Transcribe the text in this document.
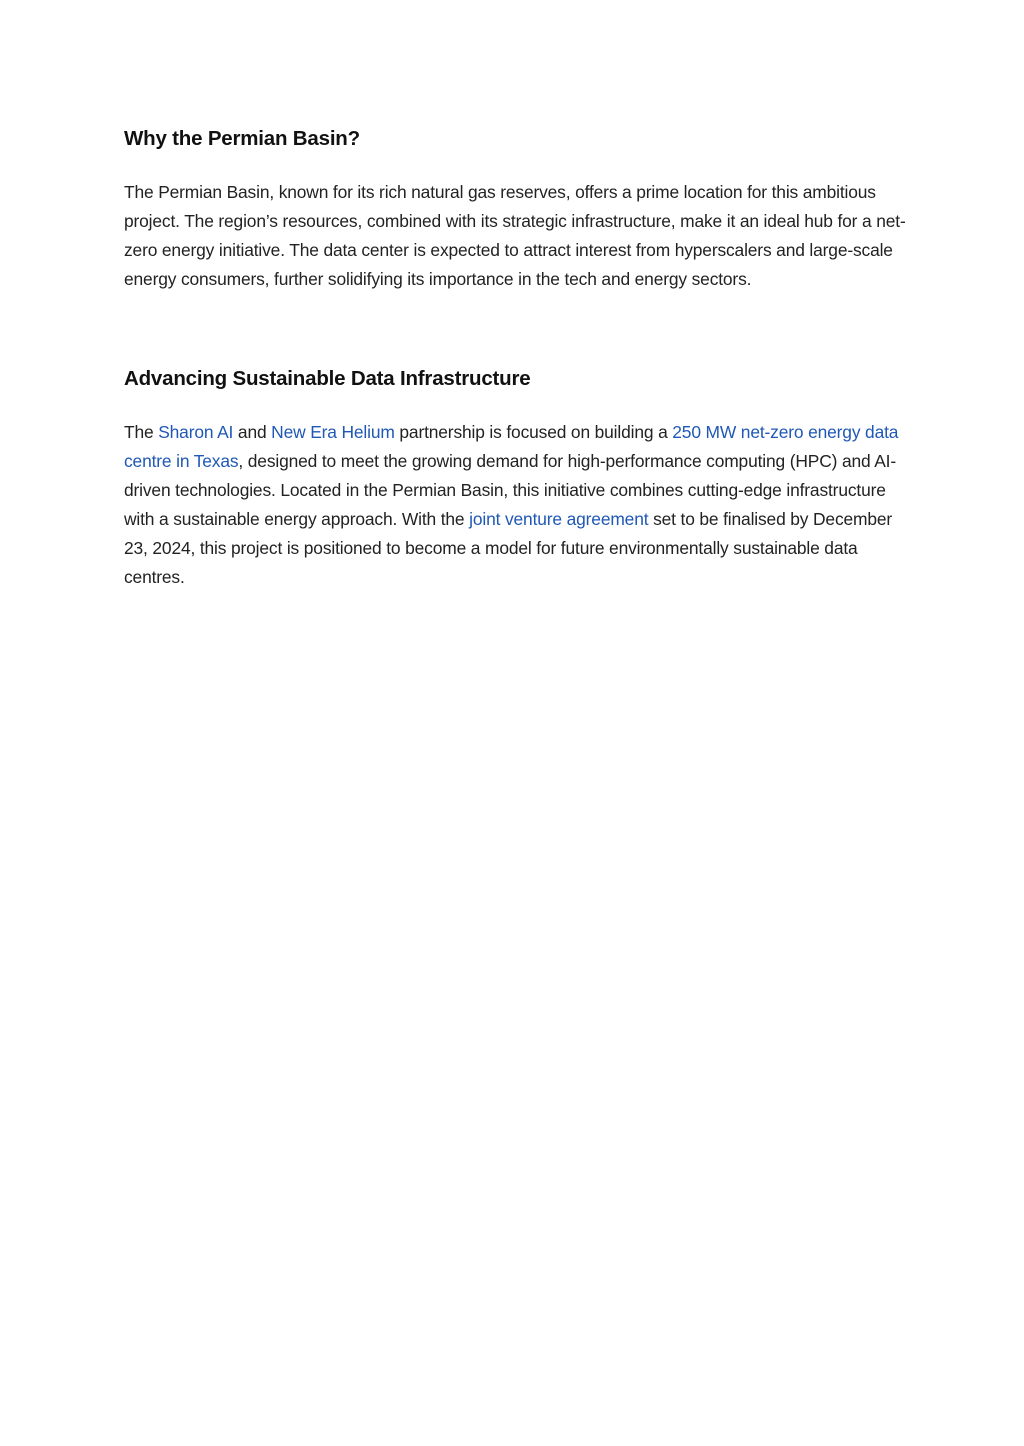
Why the Permian Basin?

The Permian Basin, known for its rich natural gas reserves, offers a prime location for this ambitious project. The region’s resources, combined with its strategic infrastructure, make it an ideal hub for a net-zero energy initiative. The data center is expected to attract interest from hyperscalers and large-scale energy consumers, further solidifying its importance in the tech and energy sectors.

Advancing Sustainable Data Infrastructure

The Sharon AI and New Era Helium partnership is focused on building a 250 MW net-zero energy data centre in Texas, designed to meet the growing demand for high-performance computing (HPC) and AI-driven technologies. Located in the Permian Basin, this initiative combines cutting-edge infrastructure with a sustainable energy approach. With the joint venture agreement set to be finalised by December 23, 2024, this project is positioned to become a model for future environmentally sustainable data centres.
